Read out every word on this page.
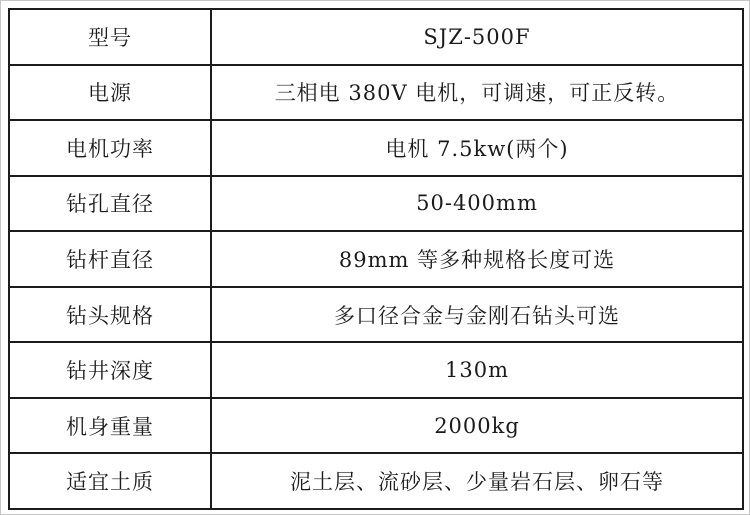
型号	SJZ-500F
电源	三相电 380V 电机，可调速，可正反转。
电机功率	电机 7.5kw(两个)
钻孔直径	50-400mm
钻杆直径	89mm 等多种规格长度可选
钻头规格	多口径合金与金刚石钻头可选
钻井深度	130m
机身重量	2000kg
适宜土质	泥土层、流砂层、少量岩石层、卵石等
